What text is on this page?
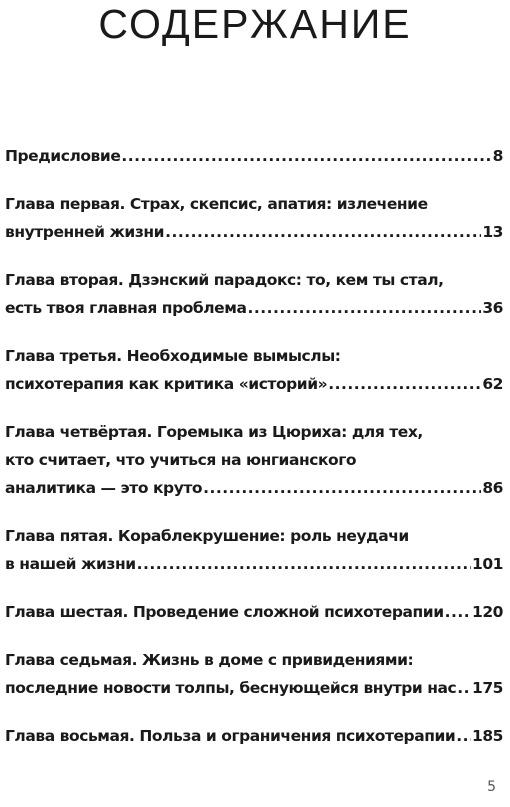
СОДЕРЖАНИЕ
Предисловие .....	8
Глава первая. Страх, скепсис, апатия: излечение
внутренней жизни .....	13
Глава вторая. Дзэнский парадокс: то, кем ты стал,
есть твоя главная проблема .....	36
Глава третья. Необходимые вымыслы:
психотерапия как критика «историй» .....	62
Глава четвёртая. Горемыка из Цюриха: для тех,
кто считает, что учиться на юнгианского
аналитика — это круто .....	86
Глава пятая. Кораблекрушение: роль неудачи
в нашей жизни .....	101
Глава шестая. Проведение сложной психотерапии ..... 120
Глава седьмая. Жизнь в доме с привидениями:
последние новости толпы, беснующейся внутри нас ..... 175
Глава восьмая. Польза и ограничения психотерапии ..... 185
5
